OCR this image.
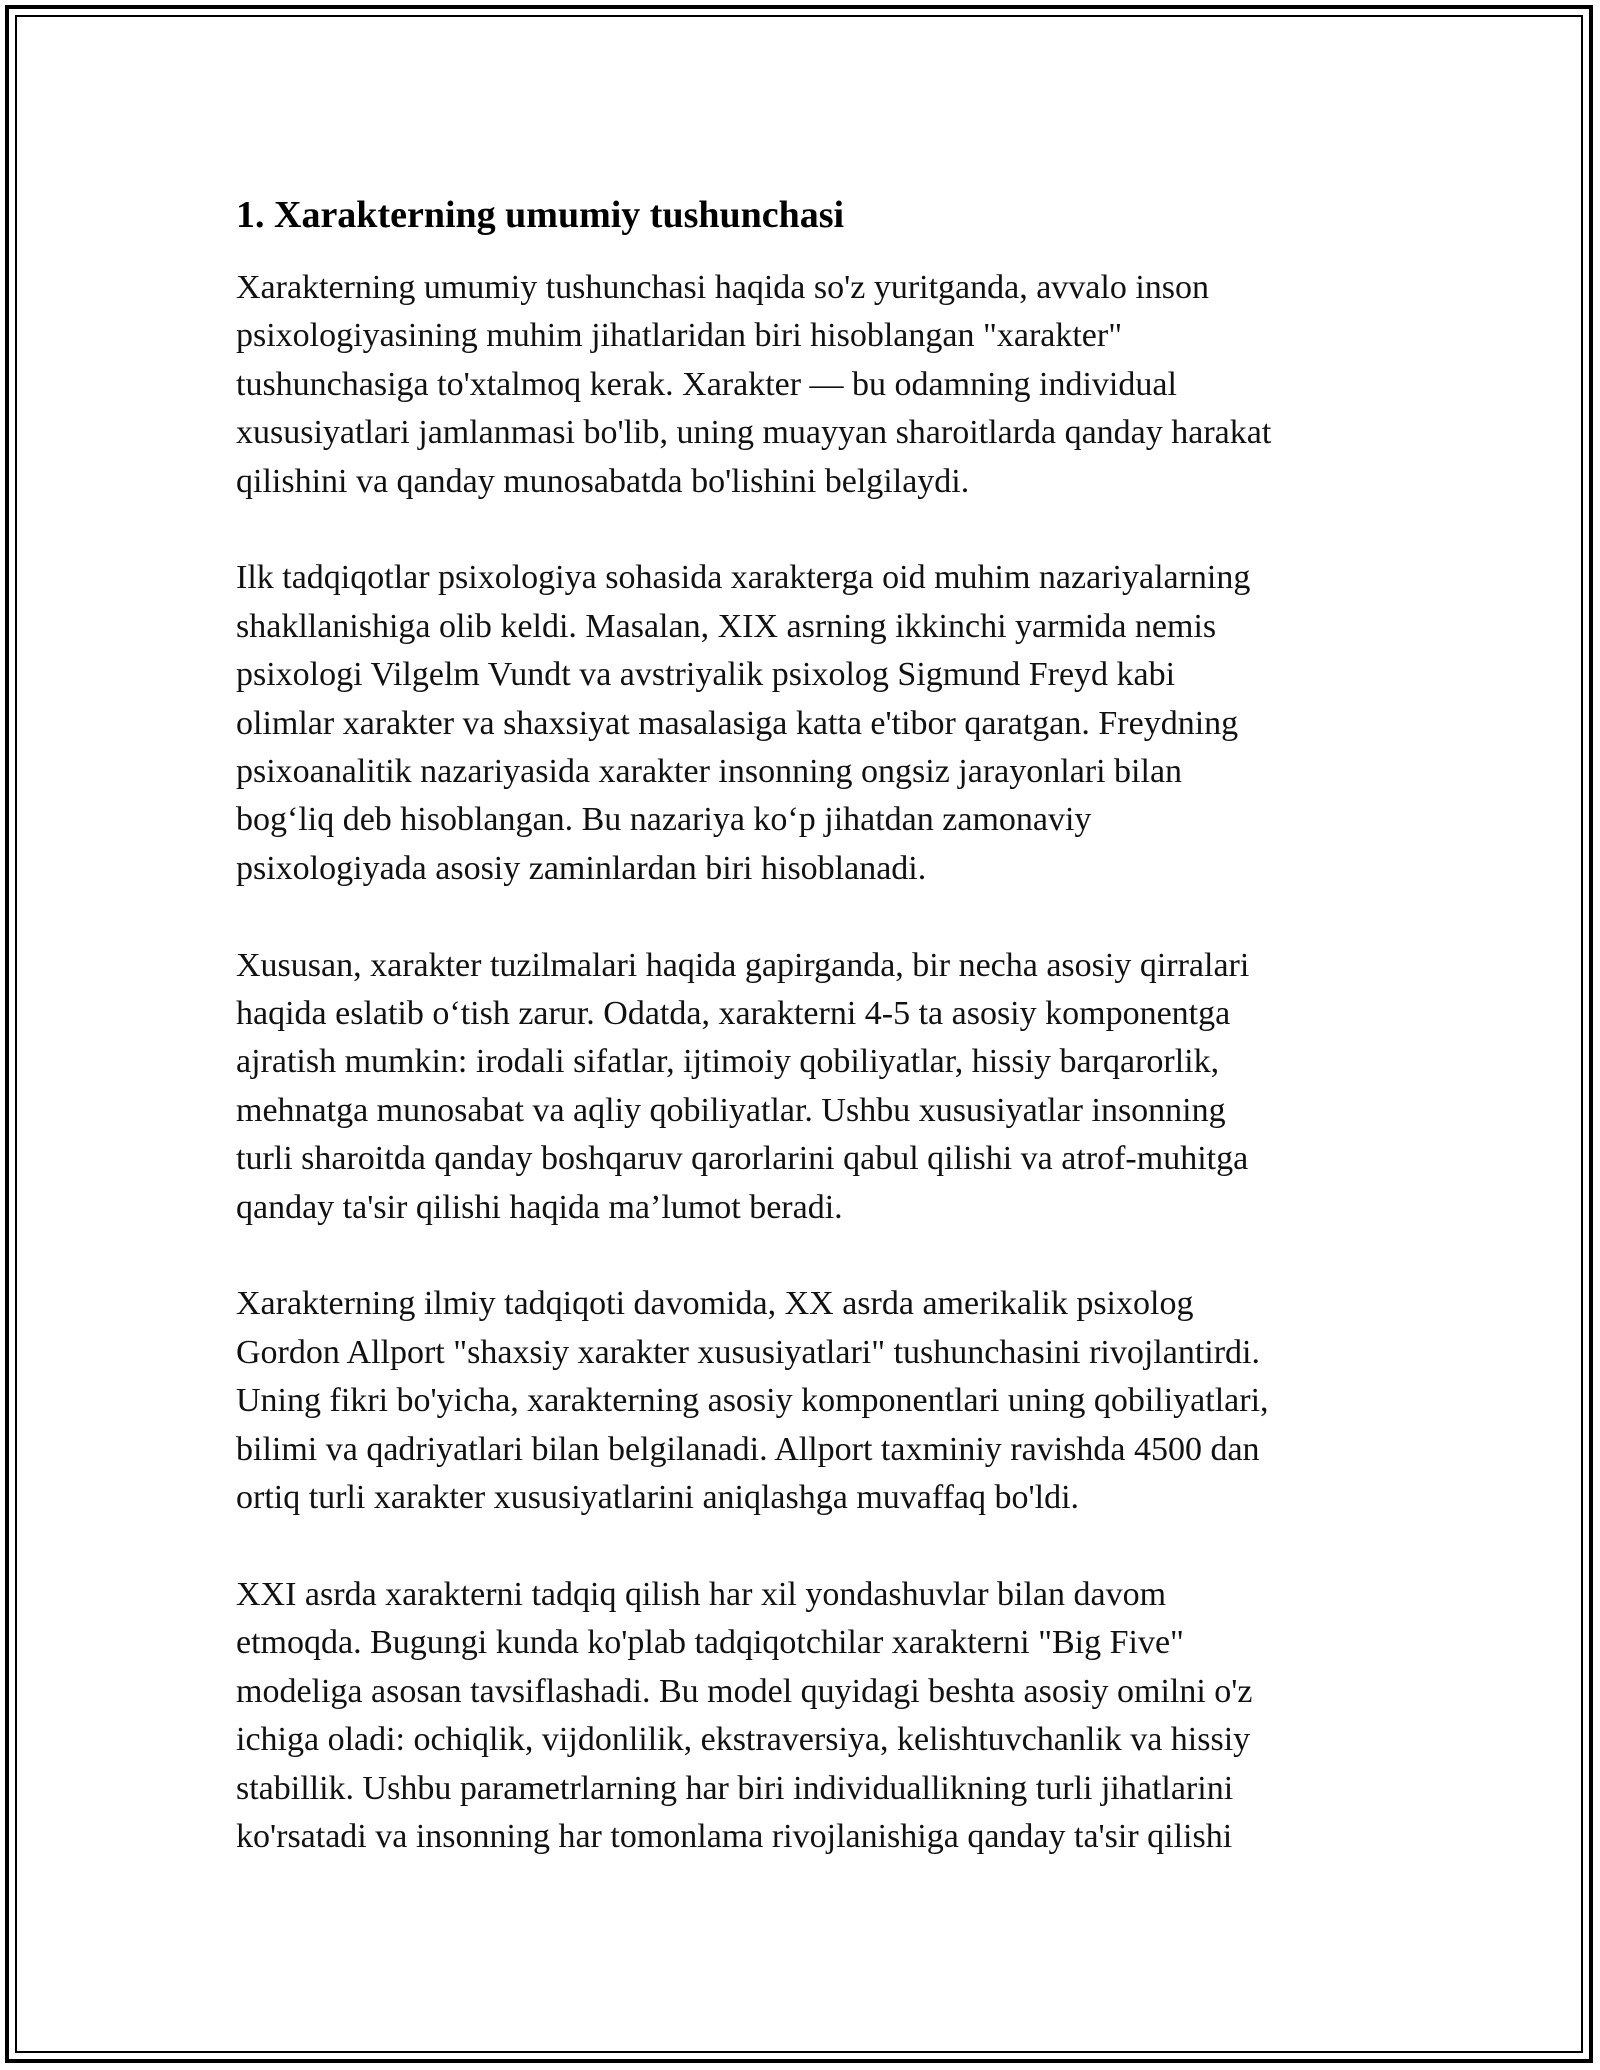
1. Xarakterning umumiy tushunchasi

Xarakterning umumiy tushunchasi haqida so'z yuritganda, avvalo inson
psixologiyasining muhim jihatlaridan biri hisoblangan "xarakter"
tushunchasiga to'xtalmoq kerak. Xarakter — bu odamning individual
xususiyatlari jamlanmasi bo'lib, uning muayyan sharoitlarda qanday harakat
qilishini va qanday munosabatda bo'lishini belgilaydi.

Ilk tadqiqotlar psixologiya sohasida xarakterga oid muhim nazariyalarning
shakllanishiga olib keldi. Masalan, XIX asrning ikkinchi yarmida nemis
psixologi Vilgelm Vundt va avstriyalik psixolog Sigmund Freyd kabi
olimlar xarakter va shaxsiyat masalasiga katta e'tibor qaratgan. Freydning
psixoanalitik nazariyasida xarakter insonning ongsiz jarayonlari bilan
bogʻliq deb hisoblangan. Bu nazariya koʻp jihatdan zamonaviy
psixologiyada asosiy zaminlardan biri hisoblanadi.

Xususan, xarakter tuzilmalari haqida gapirganda, bir necha asosiy qirralari
haqida eslatib oʻtish zarur. Odatda, xarakterni 4-5 ta asosiy komponentga
ajratish mumkin: irodali sifatlar, ijtimoiy qobiliyatlar, hissiy barqarorlik,
mehnatga munosabat va aqliy qobiliyatlar. Ushbu xususiyatlar insonning
turli sharoitda qanday boshqaruv qarorlarini qabul qilishi va atrof-muhitga
qanday ta'sir qilishi haqida ma’lumot beradi.

Xarakterning ilmiy tadqiqoti davomida, XX asrda amerikalik psixolog
Gordon Allport "shaxsiy xarakter xususiyatlari" tushunchasini rivojlantirdi.
Uning fikri bo'yicha, xarakterning asosiy komponentlari uning qobiliyatlari,
bilimi va qadriyatlari bilan belgilanadi. Allport taxminiy ravishda 4500 dan
ortiq turli xarakter xususiyatlarini aniqlashga muvaffaq bo'ldi.

XXI asrda xarakterni tadqiq qilish har xil yondashuvlar bilan davom
etmoqda. Bugungi kunda ko'plab tadqiqotchilar xarakterni "Big Five"
modeliga asosan tavsiflashadi. Bu model quyidagi beshta asosiy omilni o'z
ichiga oladi: ochiqlik, vijdonlilik, ekstraversiya, kelishtuvchanlik va hissiy
stabillik. Ushbu parametrlarning har biri individuallikning turli jihatlarini
ko'rsatadi va insonning har tomonlama rivojlanishiga qanday ta'sir qilishi
